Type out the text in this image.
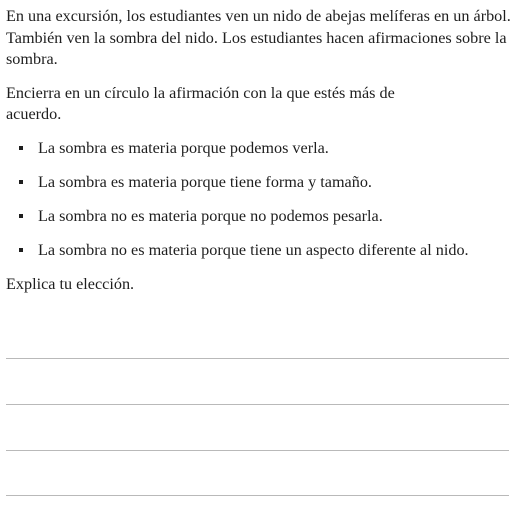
En una excursión, los estudiantes ven un nido de abejas melíferas en un árbol. También ven la sombra del nido. Los estudiantes hacen afirmaciones sobre la sombra.

Encierra en un círculo la afirmación con la que estés más de acuerdo.

La sombra es materia porque podemos verla.
La sombra es materia porque tiene forma y tamaño.
La sombra no es materia porque no podemos pesarla.
La sombra no es materia porque tiene un aspecto diferente al nido.

Explica tu elección.
